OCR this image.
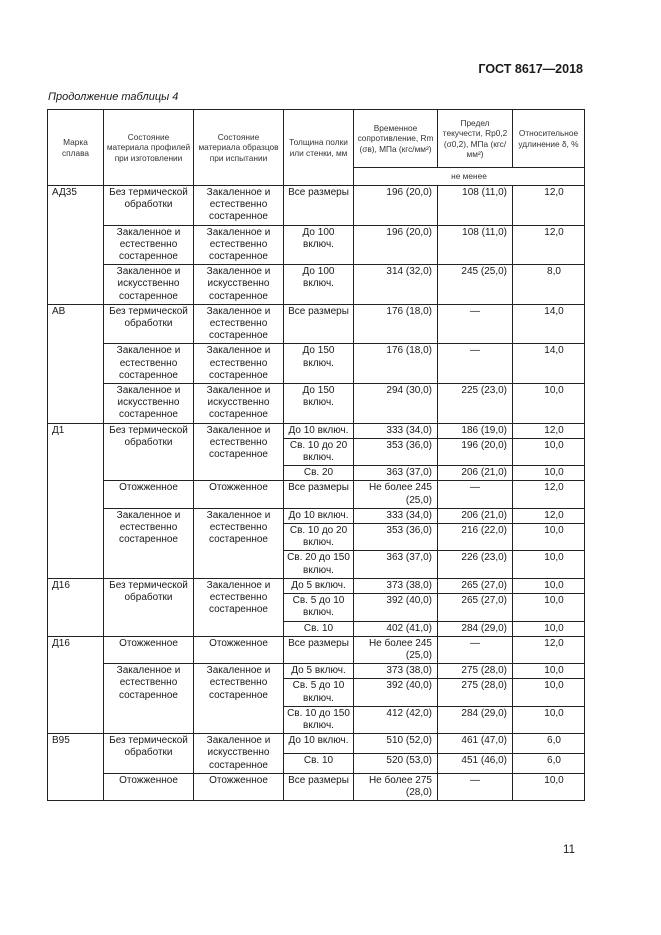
ГОСТ 8617—2018
Продолжение таблицы 4
Марка сплава	Состояние материала профилей при изготовлении	Состояние материала образцов при испытании	Толщина полки или стенки, мм	Временное сопротивление, Rm (σв), МПа (кгс/мм²)	Предел текучести, Rp0,2 (σ0,2), МПа (кгс/мм²)	Относительное удлинение δ, %
				не менее		
АД35	Без термической обработки	Закаленное и естественно состаренное	Все размеры	196 (20,0)	108 (11,0)	12,0
	Закаленное и естественно состаренное	Закаленное и естественно состаренное	До 100 включ.	196 (20,0)	108 (11,0)	12,0
	Закаленное и искусственно состаренное	Закаленное и искусственно состаренное	До 100 включ.	314 (32,0)	245 (25,0)	8,0
АВ	Без термической обработки	Закаленное и естественно состаренное	Все размеры	176 (18,0)	—	14,0
	Закаленное и естественно состаренное	Закаленное и естественно состаренное	До 150 включ.	176 (18,0)	—	14,0
	Закаленное и искусственно состаренное	Закаленное и искусственно состаренное	До 150 включ.	294 (30,0)	225 (23,0)	10,0
Д1	Без термической обработки	Закаленное и естественно состаренное	До 10 включ.	333 (34,0)	186 (19,0)	12,0
			Св. 10 до 20 включ.	353 (36,0)	196 (20,0)	10,0
			Св. 20	363 (37,0)	206 (21,0)	10,0
	Отожженное	Отожженное	Все размеры	Не более 245 (25,0)	—	12,0
	Закаленное и естественно состаренное	Закаленное и естественно состаренное	До 10 включ.	333 (34,0)	206 (21,0)	12,0
			Св. 10 до 20 включ.	353 (36,0)	216 (22,0)	10,0
			Св. 20 до 150 включ.	363 (37,0)	226 (23,0)	10,0
Д16	Без термической обработки	Закаленное и естественно состаренное	До 5 включ.	373 (38,0)	265 (27,0)	10,0
			Св. 5 до 10 включ.	392 (40,0)	265 (27,0)	10,0
			Св. 10	402 (41,0)	284 (29,0)	10,0
Д16	Отожженное	Отожженное	Все размеры	Не более 245 (25,0)	—	12,0
	Закаленное и естественно состаренное	Закаленное и естественно состаренное	До 5 включ.	373 (38,0)	275 (28,0)	10,0
			Св. 5 до 10 включ.	392 (40,0)	275 (28,0)	10,0
			Св. 10 до 150 включ.	412 (42,0)	284 (29,0)	10,0
В95	Без термической обработки	Закаленное и искусственно состаренное	До 10 включ.	510 (52,0)	461 (47,0)	6,0
			Св. 10	520 (53,0)	451 (46,0)	6,0
	Отожженное	Отожженное	Все размеры	Не более 275 (28,0)	—	10,0
11
